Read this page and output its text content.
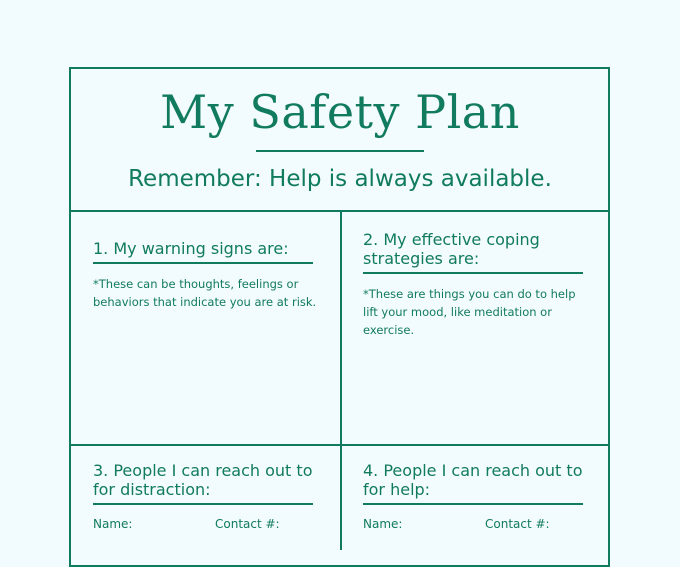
My Safety Plan
Remember: Help is always available.
1. My warning signs are:
*These can be thoughts, feelings or behaviors that indicate you are at risk.
2. My effective coping strategies are:
*These are things you can do to help lift your mood, like meditation or exercise.
3. People I can reach out to for distraction:
Name:	Contact #:
4. People I can reach out to for help:
Name:	Contact #:
